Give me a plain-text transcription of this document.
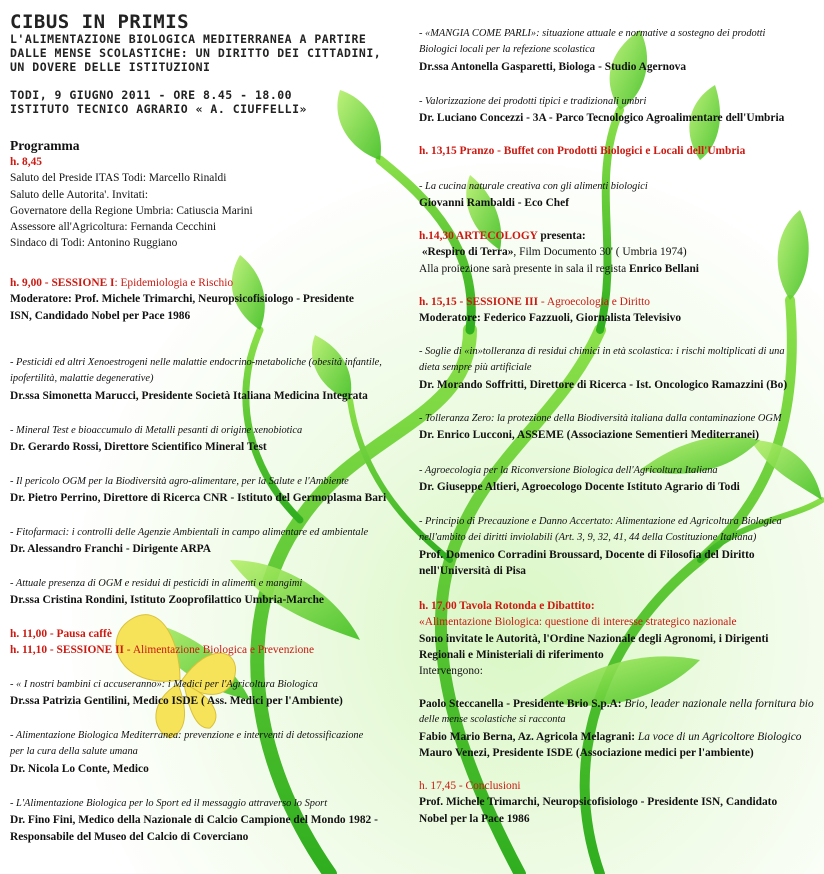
CIBUS IN PRIMIS
L'ALIMENTAZIONE BIOLOGICA MEDITERRANEA A PARTIRE
DALLE MENSE SCOLASTICHE: UN DIRITTO DEI CITTADINI,
UN DOVERE DELLE ISTITUZIONI
TODI, 9 GIUGNO 2011 - ORE 8.45 - 18.00
ISTITUTO TECNICO AGRARIO « A. CIUFFELLI»
Programma
h. 8,45
Saluto del Preside ITAS Todi: Marcello Rinaldi
Saluto delle Autorita'. Invitati:
Governatore della Regione Umbria: Catiuscia Marini
Assessore all'Agricoltura: Fernanda Cecchini
Sindaco di Todi: Antonino Ruggiano
h. 9,00 - SESSIONE I: Epidemiologia e Rischio
Moderatore: Prof. Michele Trimarchi, Neuropsicofisiologo - Presidente
ISN, Candidado Nobel per Pace 1986
- Pesticidi ed altri Xenoestrogeni nelle malattie endocrino-metaboliche (obesità infantile,
ipofertilità, malattie degenerative)
Dr.ssa Simonetta Marucci, Presidente Società Italiana Medicina Integrata
- Mineral Test e bioaccumulo di Metalli pesanti di origine xenobiotica
Dr. Gerardo Rossi, Direttore Scientifico Mineral Test
- Il pericolo OGM per la Biodiversità agro-alimentare, per la Salute e l'Ambiente
Dr. Pietro Perrino, Direttore di Ricerca CNR - Istituto del Germoplasma Bari
- Fitofarmaci: i controlli delle Agenzie Ambientali in campo alimentare ed ambientale
Dr. Alessandro Franchi - Dirigente ARPA
- Attuale presenza di OGM e residui di pesticidi in alimenti e mangimi
Dr.ssa Cristina Rondini, Istituto Zooprofilattico Umbria-Marche
h. 11,00 - Pausa caffè
h. 11,10 - SESSIONE II - Alimentazione Biologica e Prevenzione
- « I nostri bambini ci accuseranno»: i Medici per l'Agricoltura Biologica
Dr.ssa Patrizia Gentilini, Medico ISDE ( Ass. Medici per l'Ambiente)
- Alimentazione Biologica Mediterranea: prevenzione e interventi di detossificazione
per la cura della salute umana
Dr. Nicola Lo Conte, Medico
- L'Alimentazione Biologica per lo Sport ed il messaggio attraverso lo Sport
Dr. Fino Fini, Medico della Nazionale di Calcio Campione del Mondo 1982 -
Responsabile del Museo del Calcio di Coverciano
- «MANGIA COME PARLI»: situazione attuale e normative a sostegno dei prodotti
Biologici locali per la refezione scolastica
Dr.ssa Antonella Gasparetti, Biologa - Studio Agernova
- Valorizzazione dei prodotti tipici e tradizionali umbri
Dr. Luciano Concezzi - 3A - Parco Tecnologico Agroalimentare dell'Umbria
h. 13,15 Pranzo - Buffet con Prodotti Biologici e Locali dell'Umbria
- La cucina naturale creativa con gli alimenti biologici
Giovanni Rambaldi - Eco Chef
h.14,30 ARTECOLOGY presenta:
«Respiro di Terra», Film Documento 30' ( Umbria 1974)
Alla proiezione sarà presente in sala il regista Enrico Bellani
h. 15,15 - SESSIONE III - Agroecologia e Diritto
Moderatore: Federico Fazzuoli, Giornalista Televisivo
- Soglie di «in»tolleranza di residui chimici in età scolastica: i rischi moltiplicati di una
dieta sempre più artificiale
Dr. Morando Soffritti, Direttore di Ricerca - Ist. Oncologico Ramazzini (Bo)
- Tolleranza Zero: la protezione della Biodiversità italiana dalla contaminazione OGM
Dr. Enrico Lucconi, ASSEME (Associazione Sementieri Mediterranei)
- Agroecologia per la Riconversione Biologica dell'Agricoltura Italiana
Dr. Giuseppe Altieri, Agroecologo Docente Istituto Agrario di Todi
- Principio di Precauzione e Danno Accertato: Alimentazione ed Agricoltura Biologica
nell'ambito dei diritti inviolabili (Art. 3, 9, 32, 41, 44 della Costituzione Italiana)
Prof. Domenico Corradini Broussard, Docente di Filosofia del Diritto
nell'Università di Pisa
h. 17,00 Tavola Rotonda e Dibattito:
«Alimentazione Biologica: questione di interesse strategico nazionale
Sono invitate le Autorità, l'Ordine Nazionale degli Agronomi, i Dirigenti
Regionali e Ministeriali di riferimento
Intervengono:
Paolo Steccanella - Presidente Brio S.p.A: Brio, leader nazionale nella fornitura bio
delle mense scolastiche si racconta
Fabio Mario Berna, Az. Agricola Melagrani: La voce di un Agricoltore Biologico
Mauro Venezi, Presidente ISDE (Associazione medici per l'ambiente)
h. 17,45 - Conclusioni
Prof. Michele Trimarchi, Neuropsicofisiologo - Presidente ISN, Candidato
Nobel per la Pace 1986
